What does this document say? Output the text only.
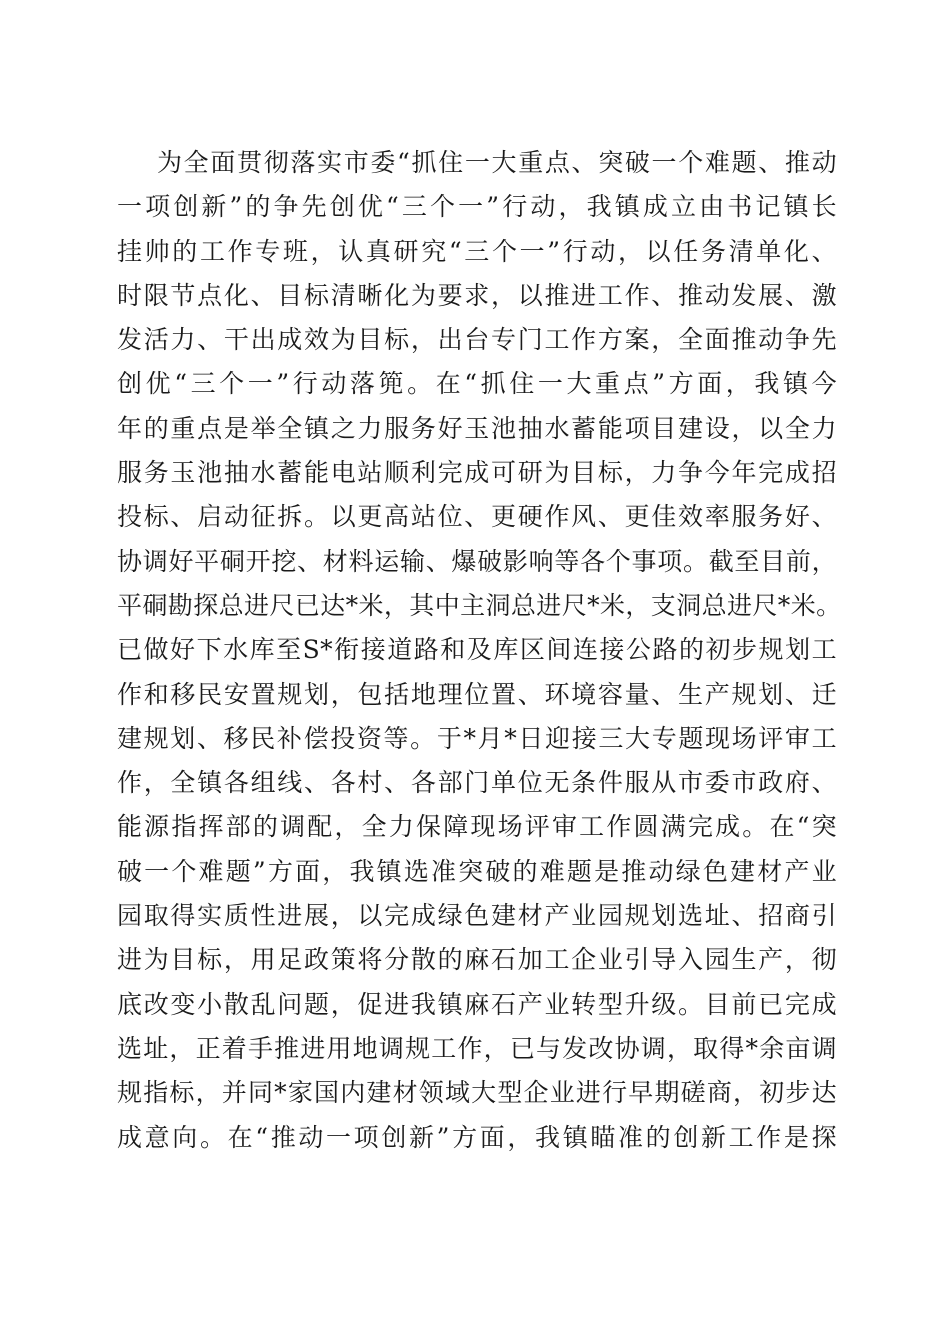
为全面贯彻落实市委“抓住一大重点、突破一个难题、推动
一项创新”的争先创优“三个一”行动，我镇成立由书记镇长
挂帅的工作专班，认真研究“三个一”行动，以任务清单化、
时限节点化、目标清晰化为要求，以推进工作、推动发展、激
发活力、干出成效为目标，出台专门工作方案，全面推动争先
创优“三个一”行动落篼。在“抓住一大重点”方面，我镇今
年的重点是举全镇之力服务好玉池抽水蓄能项目建设，以全力
服务玉池抽水蓄能电站顺利完成可研为目标，力争今年完成招
投标、启动征拆。以更高站位、更硬作风、更佳效率服务好、
协调好平硐开挖、材料运输、爆破影响等各个事项。截至目前，
平硐勘探总进尺已达*米，其中主洞总进尺*米，支洞总进尺*米。
已做好下水库至S*衔接道路和及库区间连接公路的初步规划工
作和移民安置规划，包括地理位置、环境容量、生产规划、迁
建规划、移民补偿投资等。于*月*日迎接三大专题现场评审工
作，全镇各组线、各村、各部门单位无条件服从市委市政府、
能源指挥部的调配，全力保障现场评审工作圆满完成。在“突
破一个难题”方面，我镇选准突破的难题是推动绿色建材产业
园取得实质性进展，以完成绿色建材产业园规划选址、招商引
进为目标，用足政策将分散的麻石加工企业引导入园生产，彻
底改变小散乱问题，促进我镇麻石产业转型升级。目前已完成
选址，正着手推进用地调规工作，已与发改协调，取得*余亩调
规指标，并同*家国内建材领域大型企业进行早期磋商，初步达
成意向。在“推动一项创新”方面，我镇瞄准的创新工作是探
